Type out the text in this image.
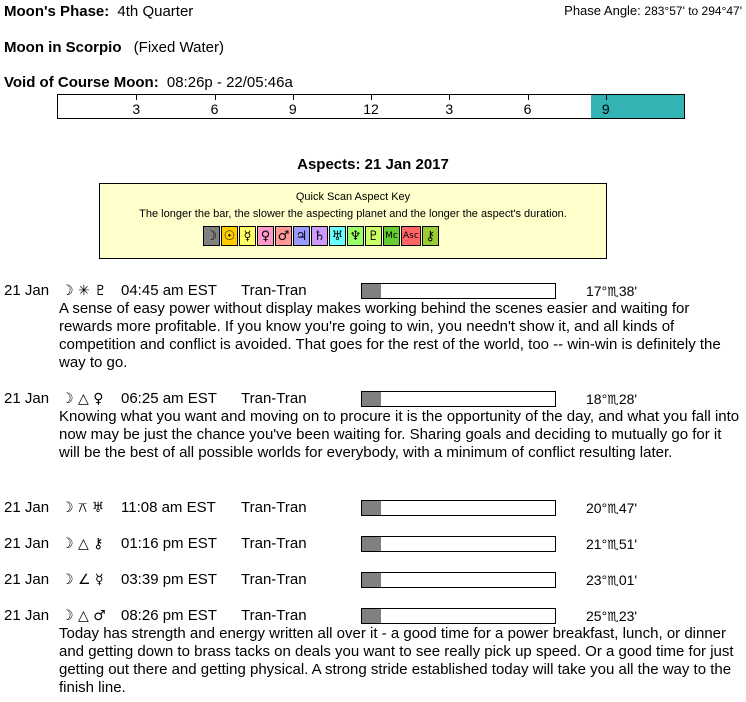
Moon's Phase: 4th Quarter	Phase Angle: 283°57' to 294°47'
Moon in Scorpio (Fixed Water)
Void of Course Moon: 08:26p - 22/05:46a
3	6	9	12	3	6	9
Aspects: 21 Jan 2017
Quick Scan Aspect Key
The longer the bar, the slower the aspecting planet and the longer the aspect's duration.
☽ ☉ ☿ ♀ ♂ ♃ ♄ ♅ ♆ ♇ Mc Asc ⚷
21 Jan ☽ ✳ ♇ 04:45 am EST Tran-Tran	17°♏38'
A sense of easy power without display makes working behind the scenes easier and waiting for rewards more profitable. If you know you're going to win, you needn't show it, and all kinds of competition and conflict is avoided. That goes for the rest of the world, too -- win-win is definitely the way to go.
21 Jan ☽ △ ♀ 06:25 am EST Tran-Tran	18°♏28'
Knowing what you want and moving on to procure it is the opportunity of the day, and what you fall into now may be just the chance you've been waiting for. Sharing goals and deciding to mutually go for it will be the best of all possible worlds for everybody, with a minimum of conflict resulting later.
21 Jan ☽ ⚻ ♅ 11:08 am EST Tran-Tran	20°♏47'
21 Jan ☽ △ ⚷ 01:16 pm EST Tran-Tran	21°♏51'
21 Jan ☽ ∠ ☿ 03:39 pm EST Tran-Tran	23°♏01'
21 Jan ☽ △ ♂ 08:26 pm EST Tran-Tran	25°♏23'
Today has strength and energy written all over it - a good time for a power breakfast, lunch, or dinner and getting down to brass tacks on deals you want to see really pick up speed. Or a good time for just getting out there and getting physical. A strong stride established today will take you all the way to the finish line.
